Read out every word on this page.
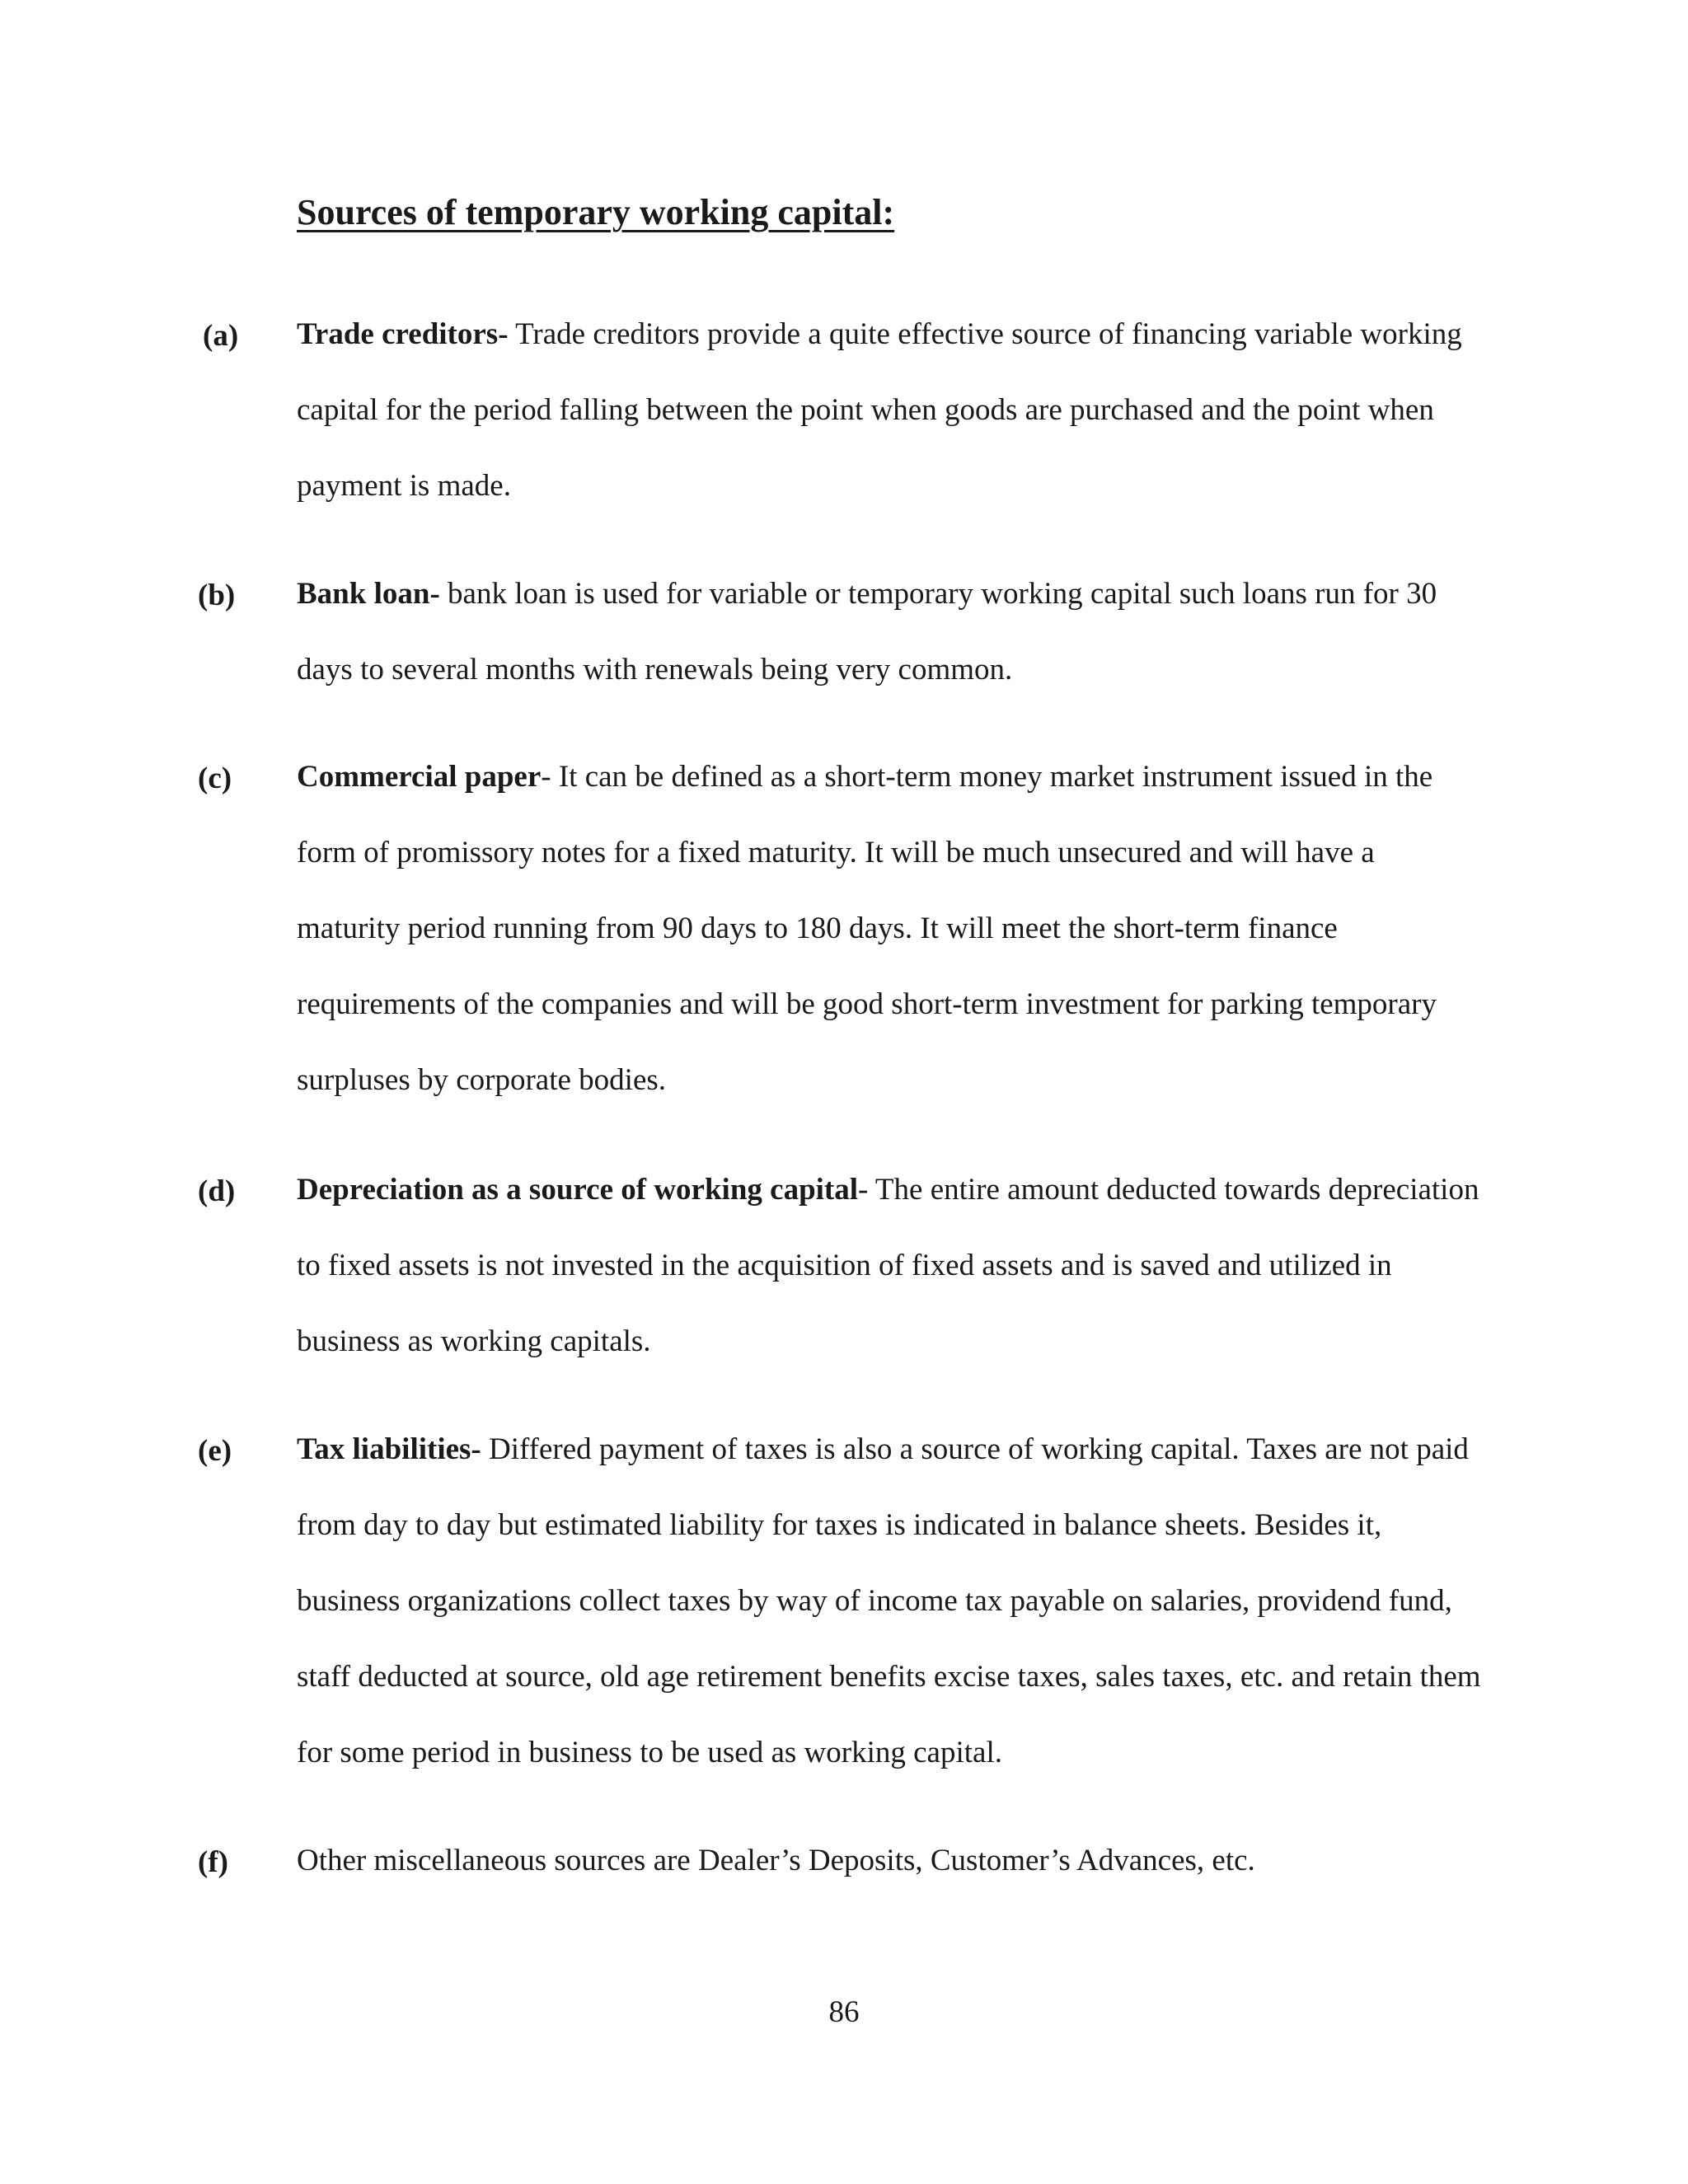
Sources of temporary working capital:
(a) Trade creditors- Trade creditors provide a quite effective source of financing variable working capital for the period falling between the point when goods are purchased and the point when payment is made.

(b) Bank loan- bank loan is used for variable or temporary working capital such loans run for 30 days to several months with renewals being very common.

(c) Commercial paper- It can be defined as a short-term money market instrument issued in the form of promissory notes for a fixed maturity. It will be much unsecured and will have a maturity period running from 90 days to 180 days. It will meet the short-term finance requirements of the companies and will be good short-term investment for parking temporary surpluses by corporate bodies.

(d) Depreciation as a source of working capital- The entire amount deducted towards depreciation to fixed assets is not invested in the acquisition of fixed assets and is saved and utilized in business as working capitals.

(e) Tax liabilities- Differed payment of taxes is also a source of working capital. Taxes are not paid from day to day but estimated liability for taxes is indicated in balance sheets. Besides it, business organizations collect taxes by way of income tax payable on salaries, providend fund, staff deducted at source, old age retirement benefits excise taxes, sales taxes, etc. and retain them for some period in business to be used as working capital.

(f) Other miscellaneous sources are Dealer’s Deposits, Customer’s Advances, etc.

86
